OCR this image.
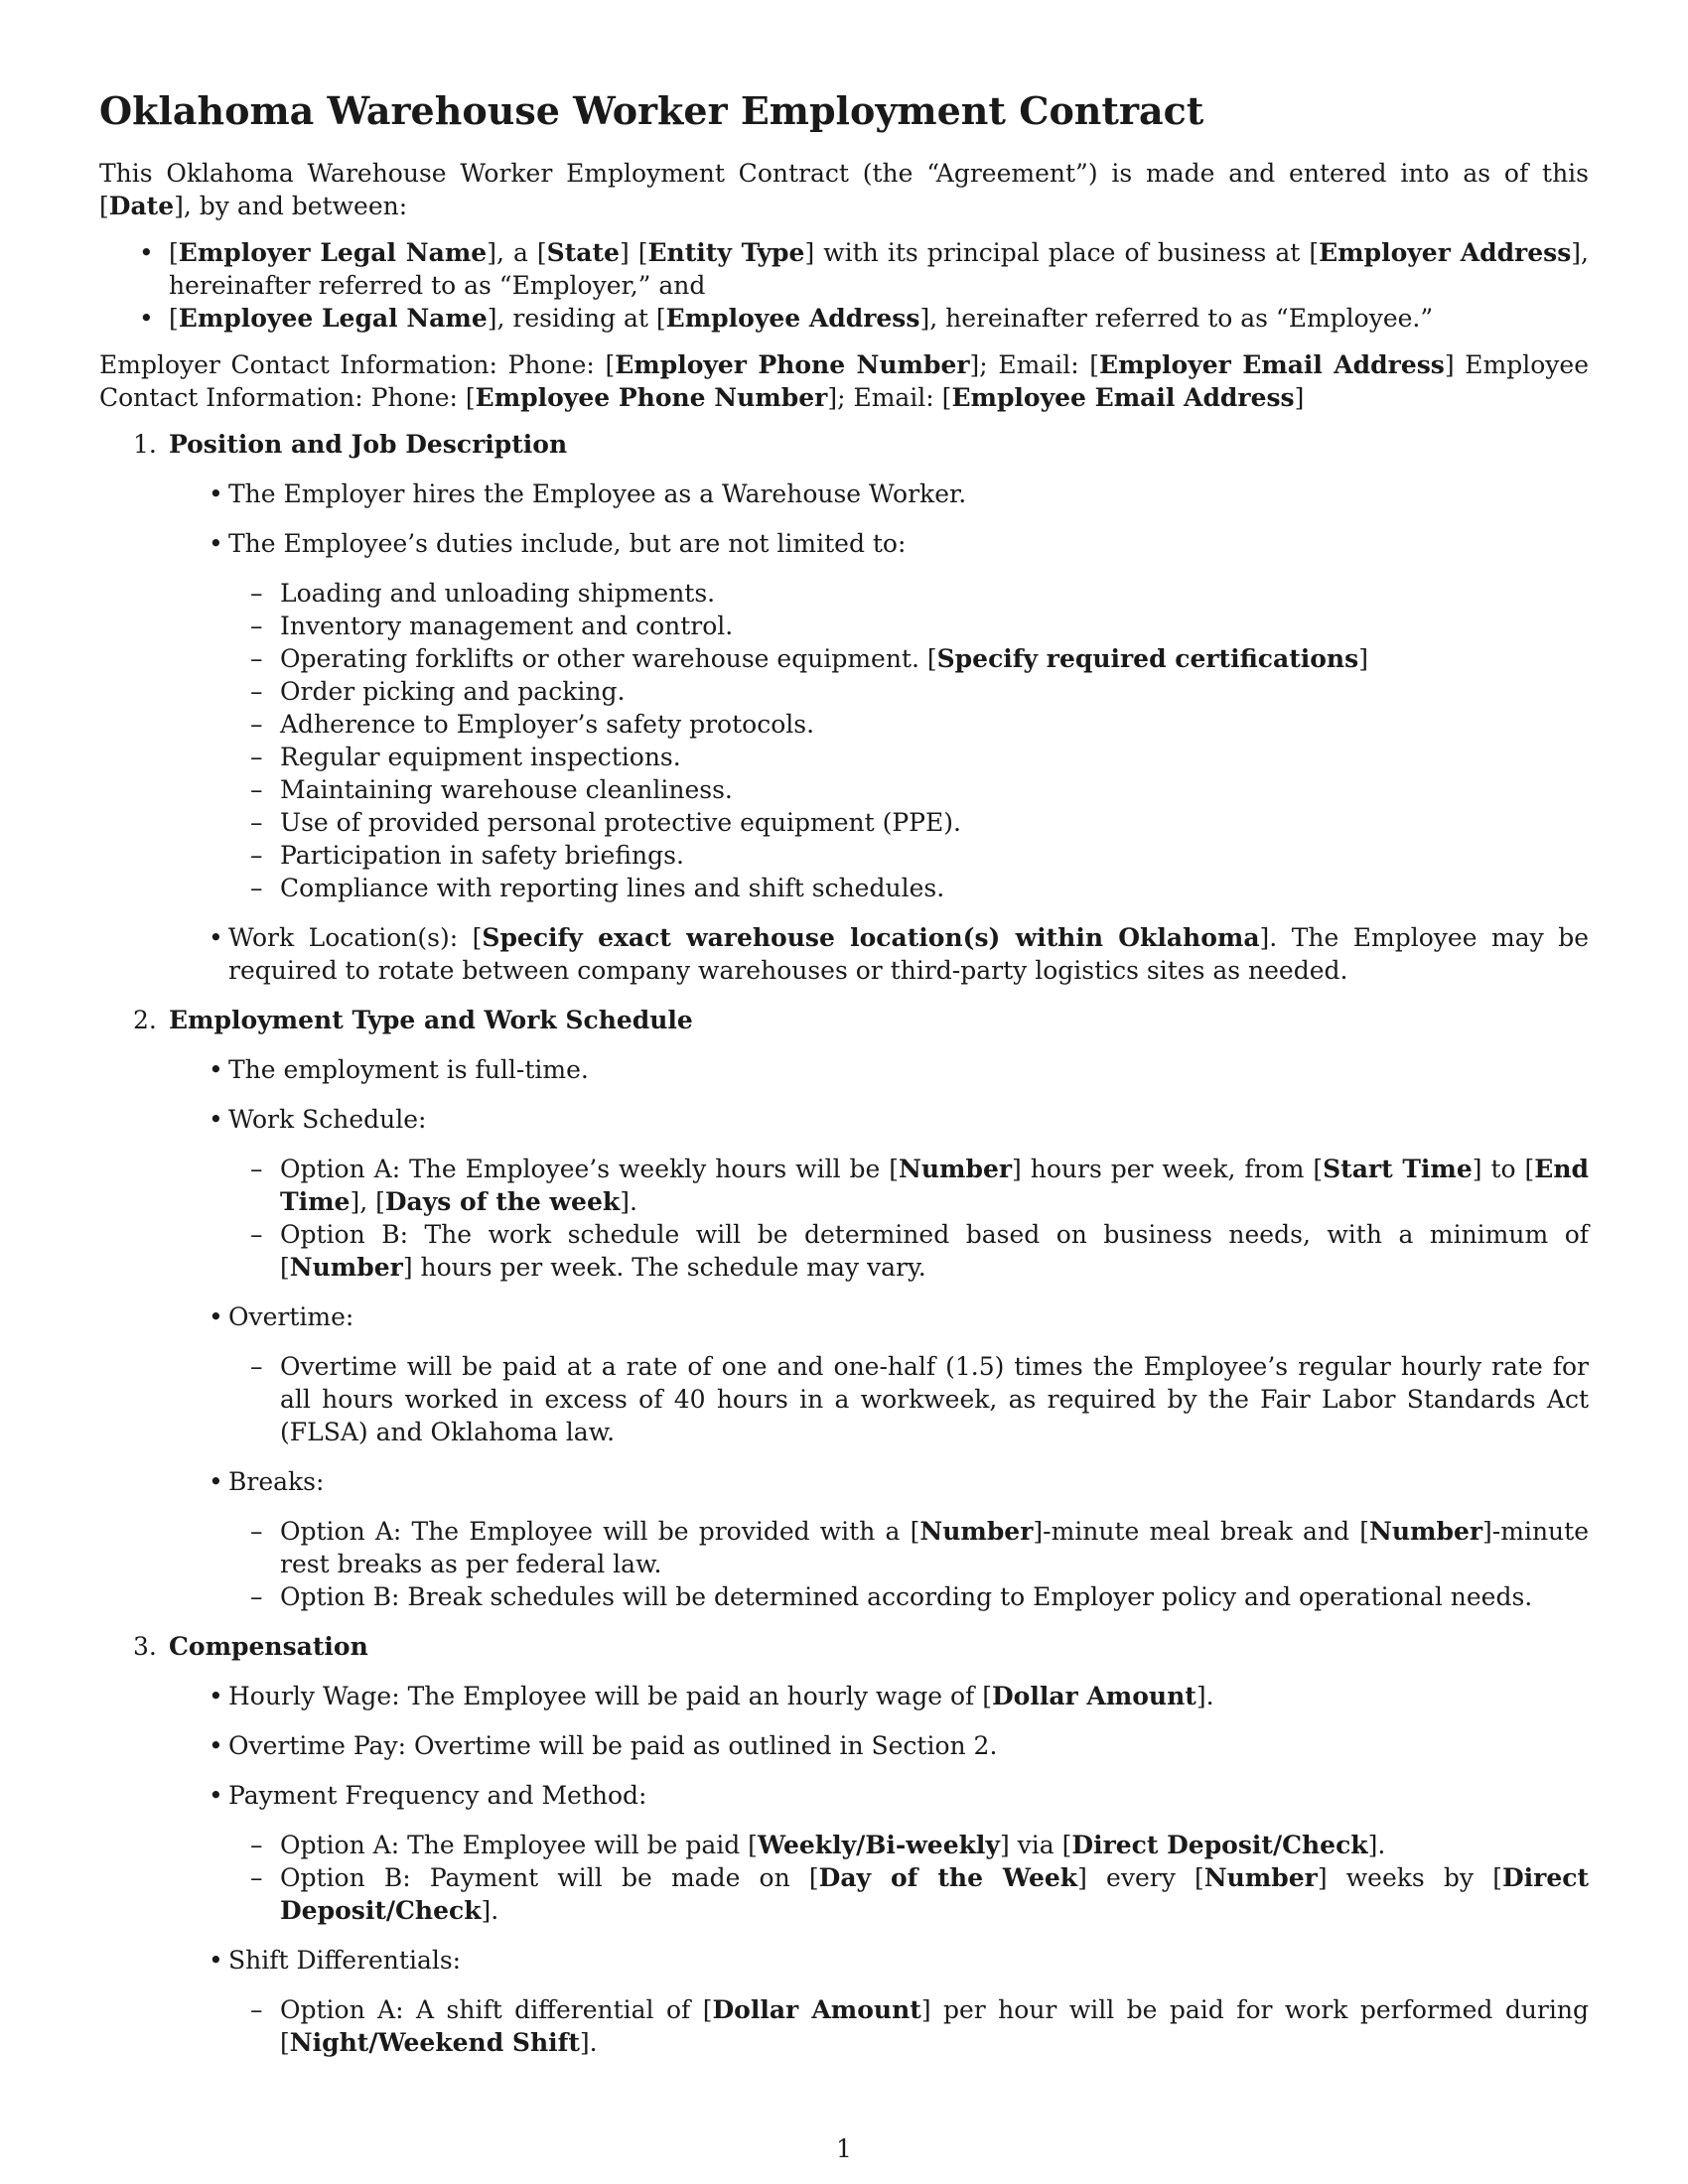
Oklahoma Warehouse Worker Employment Contract

This Oklahoma Warehouse Worker Employment Contract (the “Agreement”) is made and entered into as of this [Date], by and between:

• [Employer Legal Name], a [State] [Entity Type] with its principal place of business at [Employer Address], hereinafter referred to as “Employer,” and
• [Employee Legal Name], residing at [Employee Address], hereinafter referred to as “Employee.”

Employer Contact Information: Phone: [Employer Phone Number]; Email: [Employer Email Address] Employee Contact Information: Phone: [Employee Phone Number]; Email: [Employee Email Address]

1. Position and Job Description
• The Employer hires the Employee as a Warehouse Worker.
• The Employee’s duties include, but are not limited to:
– Loading and unloading shipments.
– Inventory management and control.
– Operating forklifts or other warehouse equipment. [Specify required certifications]
– Order picking and packing.
– Adherence to Employer’s safety protocols.
– Regular equipment inspections.
– Maintaining warehouse cleanliness.
– Use of provided personal protective equipment (PPE).
– Participation in safety briefings.
– Compliance with reporting lines and shift schedules.
• Work Location(s): [Specify exact warehouse location(s) within Oklahoma]. The Employee may be required to rotate between company warehouses or third-party logistics sites as needed.
2. Employment Type and Work Schedule
• The employment is full-time.
• Work Schedule:
– Option A: The Employee’s weekly hours will be [Number] hours per week, from [Start Time] to [End Time], [Days of the week].
– Option B: The work schedule will be determined based on business needs, with a minimum of [Number] hours per week. The schedule may vary.
• Overtime:
– Overtime will be paid at a rate of one and one-half (1.5) times the Employee’s regular hourly rate for all hours worked in excess of 40 hours in a workweek, as required by the Fair Labor Standards Act (FLSA) and Oklahoma law.
• Breaks:
– Option A: The Employee will be provided with a [Number]-minute meal break and [Number]-minute rest breaks as per federal law.
– Option B: Break schedules will be determined according to Employer policy and operational needs.
3. Compensation
• Hourly Wage: The Employee will be paid an hourly wage of [Dollar Amount].
• Overtime Pay: Overtime will be paid as outlined in Section 2.
• Payment Frequency and Method:
– Option A: The Employee will be paid [Weekly/Bi-weekly] via [Direct Deposit/Check].
– Option B: Payment will be made on [Day of the Week] every [Number] weeks by [Direct Deposit/Check].
• Shift Differentials:
– Option A: A shift differential of [Dollar Amount] per hour will be paid for work performed during [Night/Weekend Shift].
1
